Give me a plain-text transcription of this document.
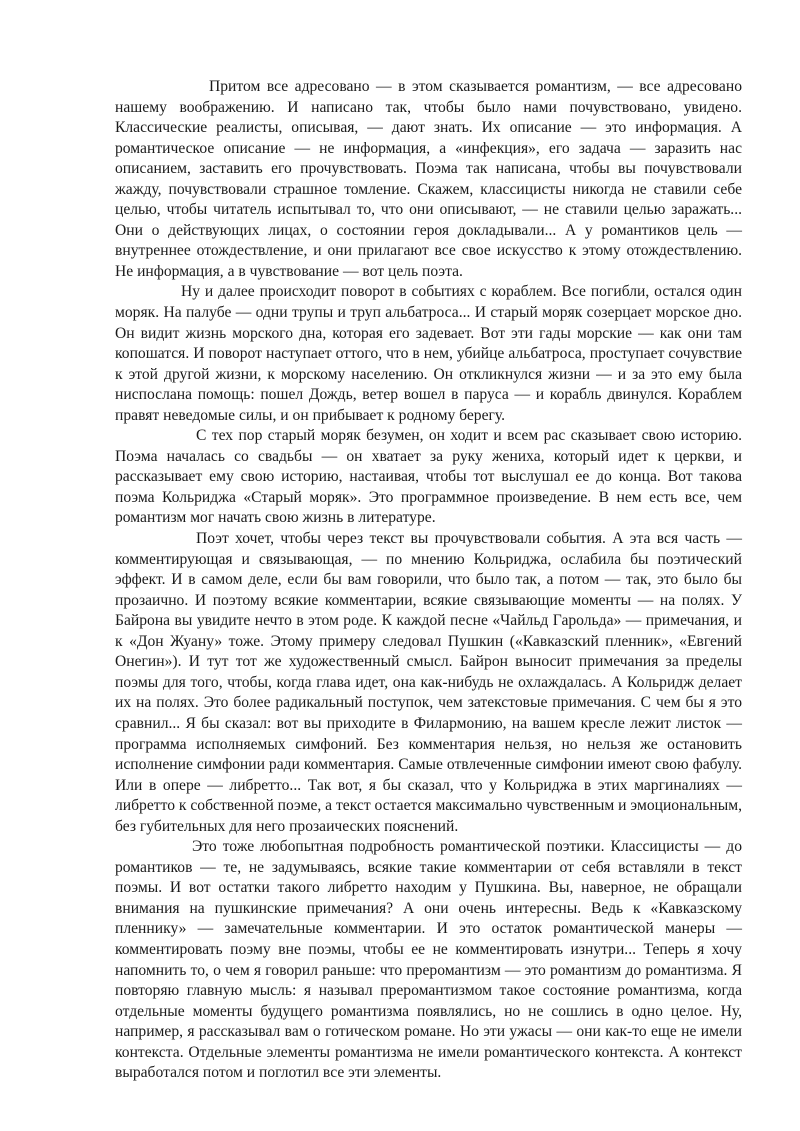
Притом все адресовано — в этом сказывается романтизм, — все адресовано нашему воображению. И написано так, чтобы было нами почувствовано, увидено. Классические реалисты, описывая, — дают знать. Их описание — это информация. А романтическое описание — не информация, а «инфекция», его задача — заразить нас описанием, заставить его прочувствовать. Поэма так написана, чтобы вы почувствовали жажду, почувствовали страшное томление. Скажем, классицисты никогда не ставили себе целью, чтобы читатель испытывал то, что они описывают, — не ставили целью заражать... Они о действующих лицах, о состоянии героя докладывали... А у романтиков цель — внутреннее отождествление, и они прилагают все свое искусство к этому отождествлению. Не информация, а в чувствование — вот цель поэта.

Ну и далее происходит поворот в событиях с кораблем. Все погибли, остался один моряк. На палубе — одни трупы и труп альбатроса... И старый моряк созерцает морское дно. Он видит жизнь морского дна, которая его задевает. Вот эти гады морские — как они там копошатся. И поворот наступает оттого, что в нем, убийце альбатроса, проступает сочувствие к этой другой жизни, к морскому населению. Он откликнулся жизни — и за это ему была ниспослана помощь: пошел Дождь, ветер вошел в паруса — и корабль двинулся. Кораблем правят неведомые силы, и он прибывает к родному берегу.

С тех пор старый моряк безумен, он ходит и всем рас сказывает свою историю. Поэма началась со свадьбы — он хватает за руку жениха, который идет к церкви, и рассказывает ему свою историю, настаивая, чтобы тот выслушал ее до конца. Вот такова поэма Кольриджа «Старый моряк». Это программное произведение. В нем есть все, чем романтизм мог начать свою жизнь в литературе.

Поэт хочет, чтобы через текст вы прочувствовали события. А эта вся часть — комментирующая и связывающая, — по мнению Кольриджа, ослабила бы поэтический эффект. И в самом деле, если бы вам говорили, что было так, а потом — так, это было бы прозаично. И поэтому всякие комментарии, всякие связывающие моменты — на полях. У Байрона вы увидите нечто в этом роде. К каждой песне «Чайльд Гарольда» — примечания, и к «Дон Жуану» тоже. Этому примеру следовал Пушкин («Кавказский пленник», «Евгений Онегин»). И тут тот же художественный смысл. Байрон выносит примечания за пределы поэмы для того, чтобы, когда глава идет, она как-нибудь не охлаждалась. А Кольридж делает их на полях. Это более радикальный поступок, чем затекстовые примечания. С чем бы я это сравнил... Я бы сказал: вот вы приходите в Филармонию, на вашем кресле лежит листок — программа исполняемых симфоний. Без комментария нельзя, но нельзя же остановить исполнение симфонии ради комментария. Самые отвлеченные симфонии имеют свою фабулу. Или в опере — либретто... Так вот, я бы сказал, что у Кольриджа в этих маргиналиях — либретто к собственной поэме, а текст остается максимально чувственным и эмоциональным, без губительных для него прозаических пояснений.

Это тоже любопытная подробность романтической поэтики. Классицисты — до романтиков — те, не задумываясь, всякие такие комментарии от себя вставляли в текст поэмы. И вот остатки такого либретто находим у Пушкина. Вы, наверное, не обращали внимания на пушкинские примечания? А они очень интересны. Ведь к «Кавказскому пленнику» — замечательные комментарии. И это остаток романтической манеры — комментировать поэму вне поэмы, чтобы ее не комментировать изнутри... Теперь я хочу напомнить то, о чем я говорил раньше: что преромантизм — это романтизм до романтизма. Я повторяю главную мысль: я называл преромантизмом такое состояние романтизма, когда отдельные моменты будущего романтизма появлялись, но не сошлись в одно целое. Ну, например, я рассказывал вам о готическом романе. Но эти ужасы — они как-то еще не имели контекста. Отдельные элементы романтизма не имели романтического контекста. А контекст выработался потом и поглотил все эти элементы.
